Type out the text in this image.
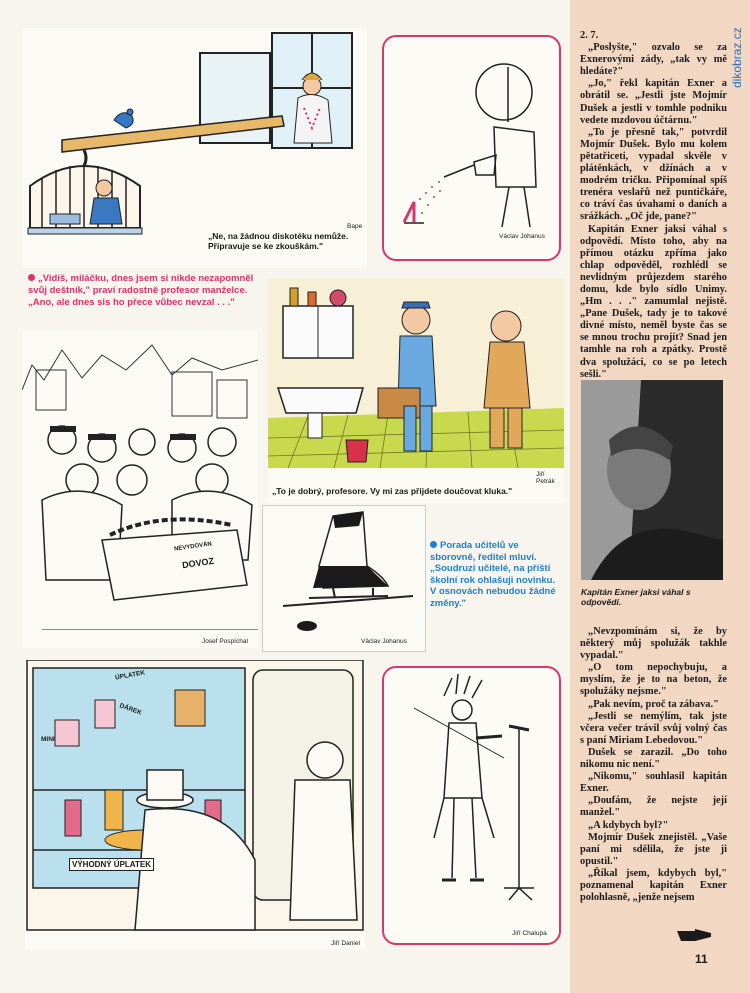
dikobraz.cz
Bape
„Ne, na žádnou diskotéku nemůže. Připravuje se ke zkouškám."
Václav Johanus
„Vidíš, miláčku, dnes jsem si nikde nezapomněl svůj deštník," praví radostně profesor manželce.
„Ano, ale dnes sis ho přece vůbec nevzal . . ."
DOVOZ
NEVYDOVÁN
Josef Pospíchal
Jiří Petrák
„To je dobrý, profesore. Vy mi zas přijdete doučovat kluka."
Václav Johanus
Porada učitelů ve sborovně, ředitel mluví.
„Soudruzi učitelé, na příští školní rok ohlašuji novinku. V osnovách nebudou žádné změny."
VÝHODNÝ ÚPLATEK
ÚPLATEK
MINI
DÁREK
Jiří Daniel
Jiří Chalupa

2. 7.

„Poslyšte," ozvalo se za Exnerovými zády, „tak vy mě hledáte?"

„Jo," řekl kapitán Exner a obrátil se. „Jestli jste Mojmír Dušek a jestli v tomhle podniku vedete mzdovou účtárnu."

„To je přesně tak," potvrdil Mojmír Dušek. Bylo mu kolem pětatřiceti, vypadal skvěle v plátěnkách, v džínách a v modrém tričku. Připomínal spíš trenéra veslařů než puntičkáře, co tráví čas úvahami o daních a srážkách. „Oč jde, pane?"

Kapitán Exner jaksi váhal s odpovědí. Místo toho, aby na přímou otázku zpříma jako chlap odpověděl, rozhlédl se nevlídným průjezdem starého domu, kde bylo sídlo Unimy. „Hm . . ." zamumlal nejistě. „Pane Dušek, tady je to takové divné místo, neměl byste čas se se mnou trochu projít? Snad jen tamhle na roh a zpátky. Prostě dva spolužáci, co se po letech sešli."

Kapitán Exner jaksi váhal s odpovědí.

„Nevzpomínám si, že by některý můj spolužák takhle vypadal."

„O tom nepochybuju, a myslím, že je to na beton, že spolužáky nejsme."

„Pak nevím, proč ta zábava."

„Jestli se nemýlím, tak jste včera večer trávil svůj volný čas s paní Miriam Lebedovou."

Dušek se zarazil. „Do toho nikomu nic není."

„Nikomu," souhlasil kapitán Exner.

„Doufám, že nejste její manžel."

„A kdybych byl?"

Mojmír Dušek znejistěl. „Vaše paní mi sdělila, že jste ji opustil."

„Říkal jsem, kdybych byl," poznamenal kapitán Exner polohlasně, „jenže nejsem

11
